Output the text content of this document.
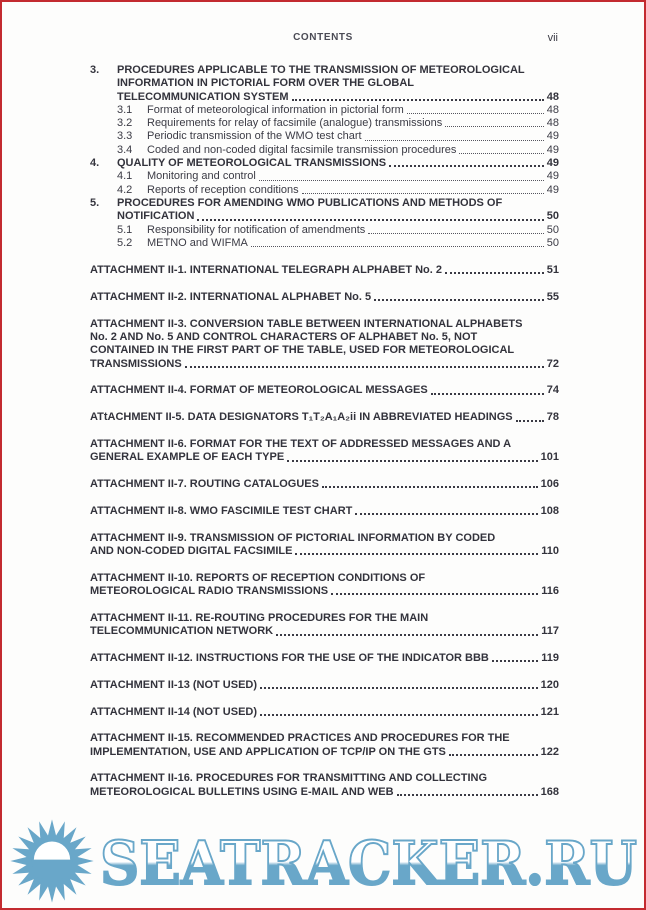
CONTENTS	vii
3.	PROCEDURES APPLICABLE TO THE TRANSMISSION OF METEOROLOGICAL
INFORMATION IN PICTORIAL FORM OVER THE GLOBAL
TELECOMMUNICATION SYSTEM	48
3.1	Format of meteorological information in pictorial form	48
3.2	Requirements for relay of facsimile (analogue) transmissions	48
3.3	Periodic transmission of the WMO test chart	49
3.4	Coded and non-coded digital facsimile transmission procedures	49
4.	QUALITY OF METEOROLOGICAL TRANSMISSIONS	49
4.1	Monitoring and control	49
4.2	Reports of reception conditions	49
5.	PROCEDURES FOR AMENDING WMO PUBLICATIONS AND METHODS OF
NOTIFICATION	50
5.1	Responsibility for notification of amendments	50
5.2	METNO and WIFMA	50
ATTACHMENT II-1. INTERNATIONAL TELEGRAPH ALPHABET No. 2	51
ATTACHMENT II-2. INTERNATIONAL ALPHABET No. 5	55
ATTACHMENT II-3. CONVERSION TABLE BETWEEN INTERNATIONAL ALPHABETS
No. 2 AND No. 5 AND CONTROL CHARACTERS OF ALPHABET No. 5, NOT
CONTAINED IN THE FIRST PART OF THE TABLE, USED FOR METEOROLOGICAL
TRANSMISSIONS	72
ATTACHMENT II-4. FORMAT OF METEOROLOGICAL MESSAGES	74
ATtACHMENT II-5. DATA DESIGNATORS T₁T₂A₁A₂ii IN ABBREVIATED HEADINGS	78
ATTACHMENT II-6. FORMAT FOR THE TEXT OF ADDRESSED MESSAGES AND A
GENERAL EXAMPLE OF EACH TYPE	101
ATTACHMENT II-7. ROUTING CATALOGUES	106
ATTACHMENT II-8. WMO FASCIMILE TEST CHART	108
ATTACHMENT II-9. TRANSMISSION OF PICTORIAL INFORMATION BY CODED
AND NON-CODED DIGITAL FACSIMILE	110
ATTACHMENT II-10. REPORTS OF RECEPTION CONDITIONS OF
METEOROLOGICAL RADIO TRANSMISSIONS	116
ATTACHMENT II-11. RE-ROUTING PROCEDURES FOR THE MAIN
TELECOMMUNICATION NETWORK	117
ATTACHMENT II-12. INSTRUCTIONS FOR THE USE OF THE INDICATOR BBB	119
ATTACHMENT II-13 (NOT USED)	120
ATTACHMENT II-14 (NOT USED)	121
ATTACHMENT II-15. RECOMMENDED PRACTICES AND PROCEDURES FOR THE
IMPLEMENTATION, USE AND APPLICATION OF TCP/IP ON THE GTS	122
ATTACHMENT II-16. PROCEDURES FOR TRANSMITTING AND COLLECTING
METEOROLOGICAL BULLETINS USING E-MAIL AND WEB	168
SEATRACKER.RU
